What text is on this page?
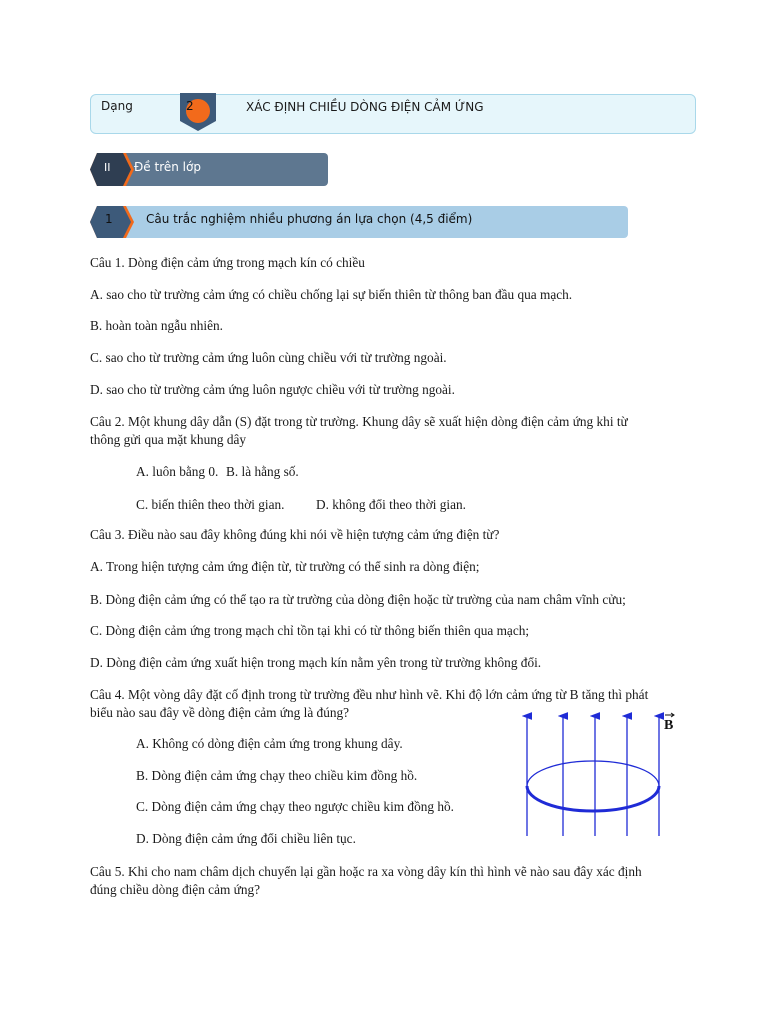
Dạng	2	XÁC ĐỊNH CHIỀU DÒNG ĐIỆN CẢM ỨNG
II Đề trên lớp
1	Câu trắc nghiệm nhiều phương án lựa chọn (4,5 điểm)
Câu 1. Dòng điện cảm ứng trong mạch kín có chiều
A. sao cho từ trường cảm ứng có chiều chống lại sự biến thiên từ thông ban đầu qua mạch.
B. hoàn toàn ngẫu nhiên.
C. sao cho từ trường cảm ứng luôn cùng chiều với từ trường ngoài.
D. sao cho từ trường cảm ứng luôn ngược chiều với từ trường ngoài.
Câu 2. Một khung dây dẫn (S) đặt trong từ trường. Khung dây sẽ xuất hiện dòng điện cảm ứng khi từ
thông gửi qua mặt khung dây
A. luôn bằng 0. B. là hằng số.
C. biến thiên theo thời gian. D. không đổi theo thời gian.
Câu 3. Điều nào sau đây không đúng khi nói về hiện tượng cảm ứng điện từ?
A. Trong hiện tượng cảm ứng điện từ, từ trường có thể sinh ra dòng điện;
B. Dòng điện cảm ứng có thể tạo ra từ trường của dòng điện hoặc từ trường của nam châm vĩnh cửu;
C. Dòng điện cảm ứng trong mạch chỉ tồn tại khi có từ thông biến thiên qua mạch;
D. Dòng điện cảm ứng xuất hiện trong mạch kín nằm yên trong từ trường không đổi.
Câu 4. Một vòng dây đặt cố định trong từ trường đều như hình vẽ. Khi độ lớn cảm ứng từ B tăng thì phát
biểu nào sau đây về dòng điện cảm ứng là đúng?
A. Không có dòng điện cảm ứng trong khung dây.
B. Dòng điện cảm ứng chạy theo chiều kim đồng hồ.
C. Dòng điện cảm ứng chạy theo ngược chiều kim đồng hồ.
D. Dòng điện cảm ứng đổi chiều liên tục.
B
Câu 5. Khi cho nam châm dịch chuyển lại gần hoặc ra xa vòng dây kín thì hình vẽ nào sau đây xác định
đúng chiều dòng điện cảm ứng?
